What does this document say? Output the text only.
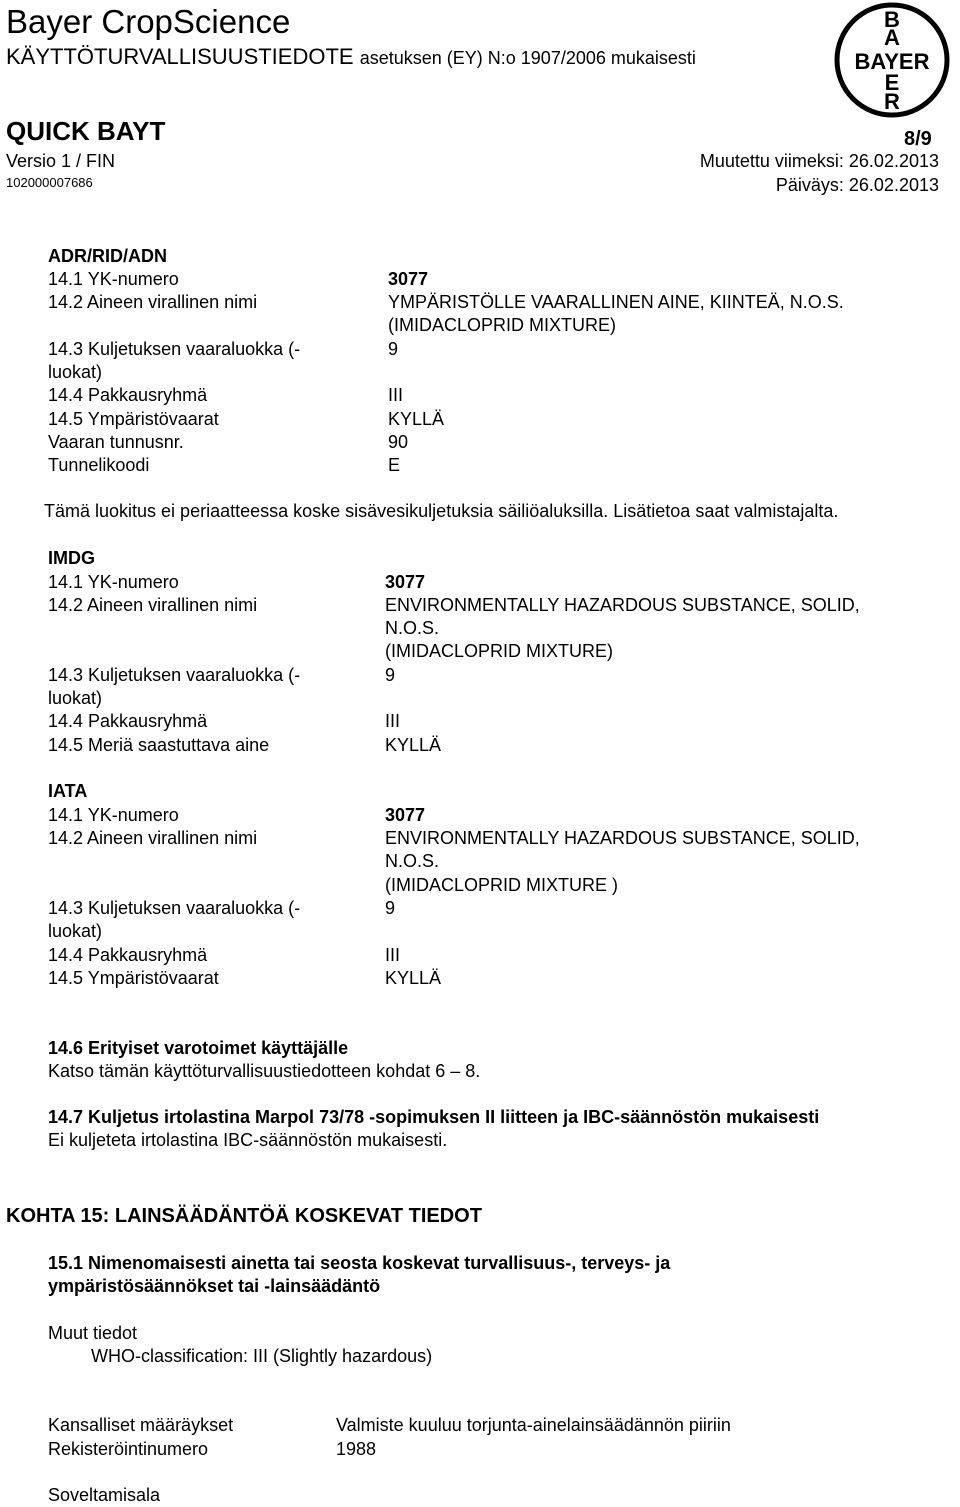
Bayer CropScience
KÄYTTÖTURVALLISUUSTIEDOTE asetuksen (EY) N:o 1907/2006 mukaisesti
QUICK BAYT	8/9
Versio 1 / FIN
102000007686
Muutettu viimeksi: 26.02.2013
Päiväys: 26.02.2013
B
A
BAYER
E
R
ADR/RID/ADN
14.1 YK-numero	3077
14.2 Aineen virallinen nimi	YMPÄRISTÖLLE VAARALLINEN AINE, KIINTEÄ, N.O.S.
(IMIDACLOPRID MIXTURE)
14.3 Kuljetuksen vaaraluokka (-	9
luokat)
14.4 Pakkausryhmä	III
14.5 Ympäristövaarat	KYLLÄ
Vaaran tunnusnr.	90
Tunnelikoodi	E
Tämä luokitus ei periaatteessa koske sisävesikuljetuksia säiliöaluksilla. Lisätietoa saat valmistajalta.
IMDG
14.1 YK-numero	3077
14.2 Aineen virallinen nimi	ENVIRONMENTALLY HAZARDOUS SUBSTANCE, SOLID,
N.O.S.
(IMIDACLOPRID MIXTURE)
14.3 Kuljetuksen vaaraluokka (-	9
luokat)
14.4 Pakkausryhmä	III
14.5 Meriä saastuttava aine	KYLLÄ
IATA
14.1 YK-numero	3077
14.2 Aineen virallinen nimi	ENVIRONMENTALLY HAZARDOUS SUBSTANCE, SOLID,
N.O.S.
(IMIDACLOPRID MIXTURE )
14.3 Kuljetuksen vaaraluokka (-	9
luokat)
14.4 Pakkausryhmä	III
14.5 Ympäristövaarat	KYLLÄ
14.6 Erityiset varotoimet käyttäjälle
Katso tämän käyttöturvallisuustiedotteen kohdat 6 – 8.
14.7 Kuljetus irtolastina Marpol 73/78 -sopimuksen II liitteen ja IBC-säännöstön mukaisesti
Ei kuljeteta irtolastina IBC-säännöstön mukaisesti.
KOHTA 15: LAINSÄÄDÄNTÖÄ KOSKEVAT TIEDOT
15.1 Nimenomaisesti ainetta tai seosta koskevat turvallisuus-, terveys- ja
ympäristösäännökset tai -lainsäädäntö
Muut tiedot
WHO-classification: III (Slightly hazardous)
Kansalliset määräykset	Valmiste kuuluu torjunta-ainelainsäädännön piiriin
Rekisteröintinumero	1988
Soveltamisala
